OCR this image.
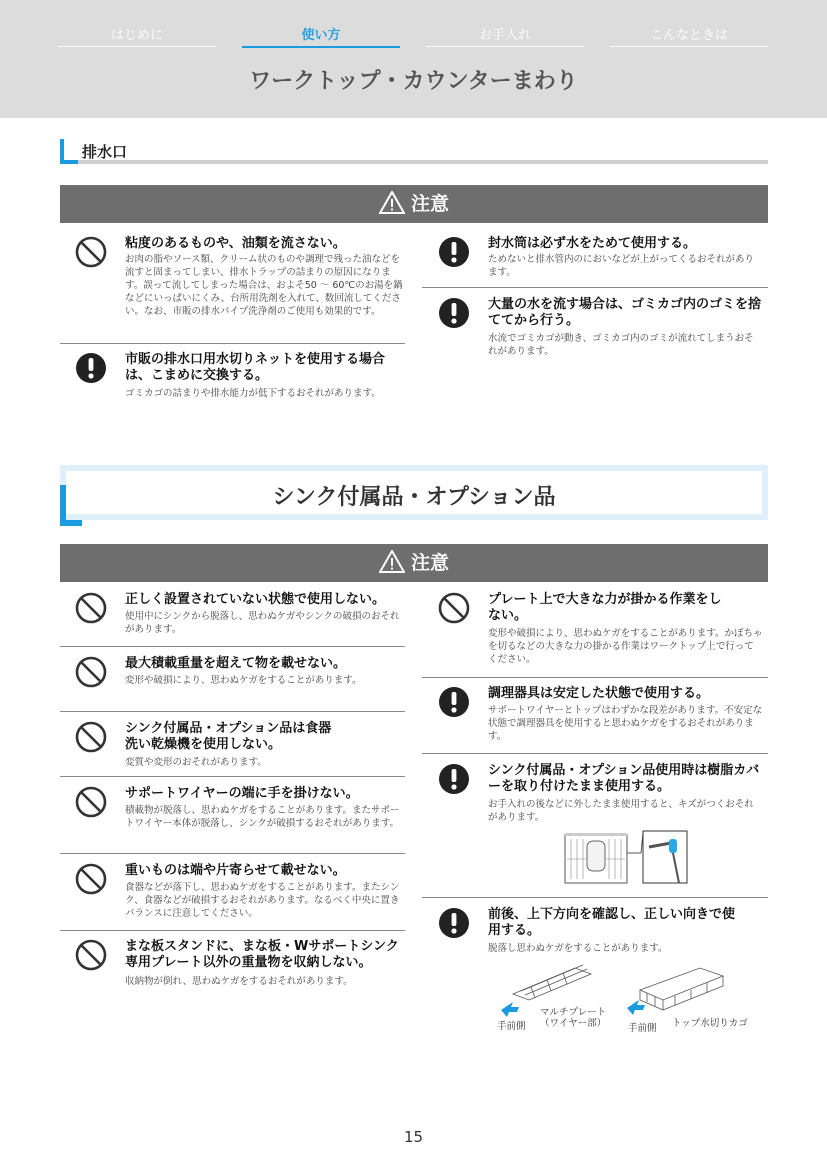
はじめに	使い方	お手入れ	こんなときは
ワークトップ・カウンターまわり
排水口
注意
粘度のあるものや、油類を流さない。
お肉の脂やソース類、クリーム状のものや調理で残った油などを流すと固まってしまい、排水トラップの詰まりの原因になります。誤って流してしまった場合は、およそ50 ～ 60℃のお湯を鍋などにいっぱいにくみ、台所用洗剤を入れて、数回流してください。なお、市販の排水パイプ洗浄剤のご使用も効果的です。
市販の排水口用水切りネットを使用する場合は、こまめに交換する。
ゴミカゴの詰まりや排水能力が低下するおそれがあります。
封水筒は必ず水をためて使用する。
ためないと排水管内のにおいなどが上がってくるおそれがあります。
大量の水を流す場合は、ゴミカゴ内のゴミを捨ててから行う。
水流でゴミカゴが動き、ゴミカゴ内のゴミが流れてしまうおそれがあります。
シンク付属品・オプション品
注意
正しく設置されていない状態で使用しない。
使用中にシンクから脱落し、思わぬケガやシンクの破損のおそれがあります。
最大積載重量を超えて物を載せない。
変形や破損により、思わぬケガをすることがあります。
シンク付属品・オプション品は食器洗い乾燥機を使用しない。
変質や変形のおそれがあります。
サポートワイヤーの端に手を掛けない。
積載物が脱落し、思わぬケガをすることがあります。またサポートワイヤー本体が脱落し、シンクが破損するおそれがあります。
重いものは端や片寄らせて載せない。
食器などが落下し、思わぬケガをすることがあります。またシンク、食器などが破損するおそれがあります。なるべく中央に置きバランスに注意してください。
まな板スタンドに、まな板・Wサポートシンク専用プレート以外の重量物を収納しない。
収納物が倒れ、思わぬケガをするおそれがあります。
プレート上で大きな力が掛かる作業をしない。
変形や破損により、思わぬケガをすることがあります。かぼちゃを切るなどの大きな力の掛かる作業はワークトップ上で行ってください。
調理器具は安定した状態で使用する。
サポートワイヤーとトップはわずかな段差があります。不安定な状態で調理器具を使用すると思わぬケガをするおそれがあります。
シンク付属品・オプション品使用時は樹脂カバーを取り付けたまま使用する。
お手入れの後などに外したまま使用すると、キズがつくおそれがあります。
前後、上下方向を確認し、正しい向きで使用する。
脱落し思わぬケガをすることがあります。
手前側
マルチプレート
（ワイヤー部） 手前側 トップ水切りカゴ
15
